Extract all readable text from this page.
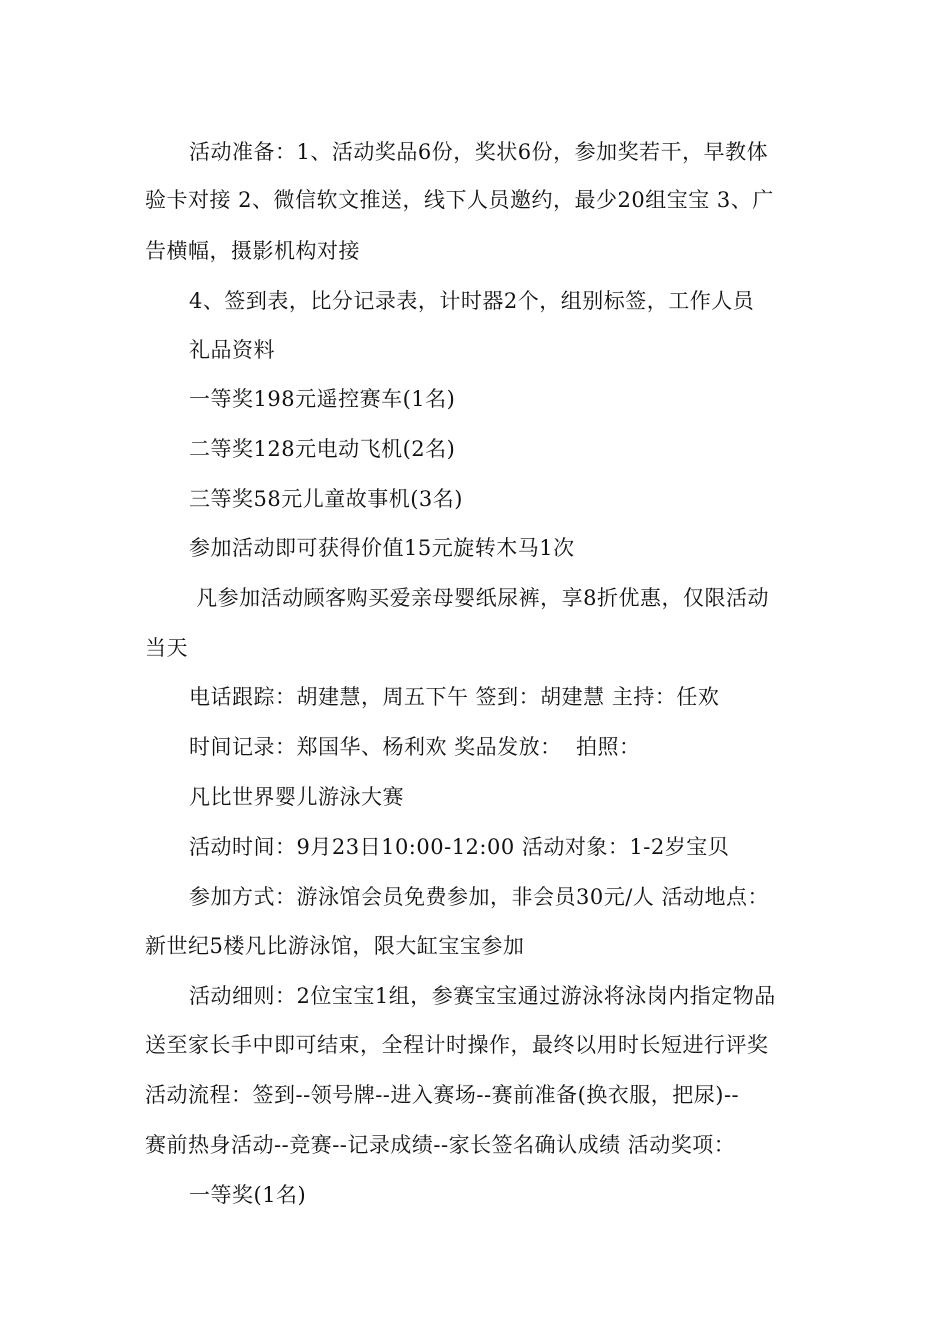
活动准备：1、活动奖品6份，奖状6份，参加奖若干，早教体

验卡对接 2、微信软文推送，线下人员邀约，最少20组宝宝 3、广

告横幅，摄影机构对接

4、签到表，比分记录表，计时器2个，组别标签，工作人员

礼品资料

一等奖198元遥控赛车(1名)

二等奖128元电动飞机(2名)

三等奖58元儿童故事机(3名)

参加活动即可获得价值15元旋转木马1次

凡参加活动顾客购买爱亲母婴纸尿裤，享8折优惠，仅限活动

当天

电话跟踪：胡建慧，周五下午 签到：胡建慧 主持：任欢

时间记录：郑国华、杨利欢 奖品发放：  拍照：

凡比世界婴儿游泳大赛

活动时间：9月23日10:00-12:00 活动对象：1-2岁宝贝

参加方式：游泳馆会员免费参加，非会员30元/人 活动地点：

新世纪5楼凡比游泳馆，限大缸宝宝参加

活动细则：2位宝宝1组，参赛宝宝通过游泳将泳岗内指定物品

送至家长手中即可结束，全程计时操作，最终以用时长短进行评奖

活动流程：签到--领号牌--进入赛场--赛前准备(换衣服，把尿)--

赛前热身活动--竞赛--记录成绩--家长签名确认成绩 活动奖项：

一等奖(1名)
